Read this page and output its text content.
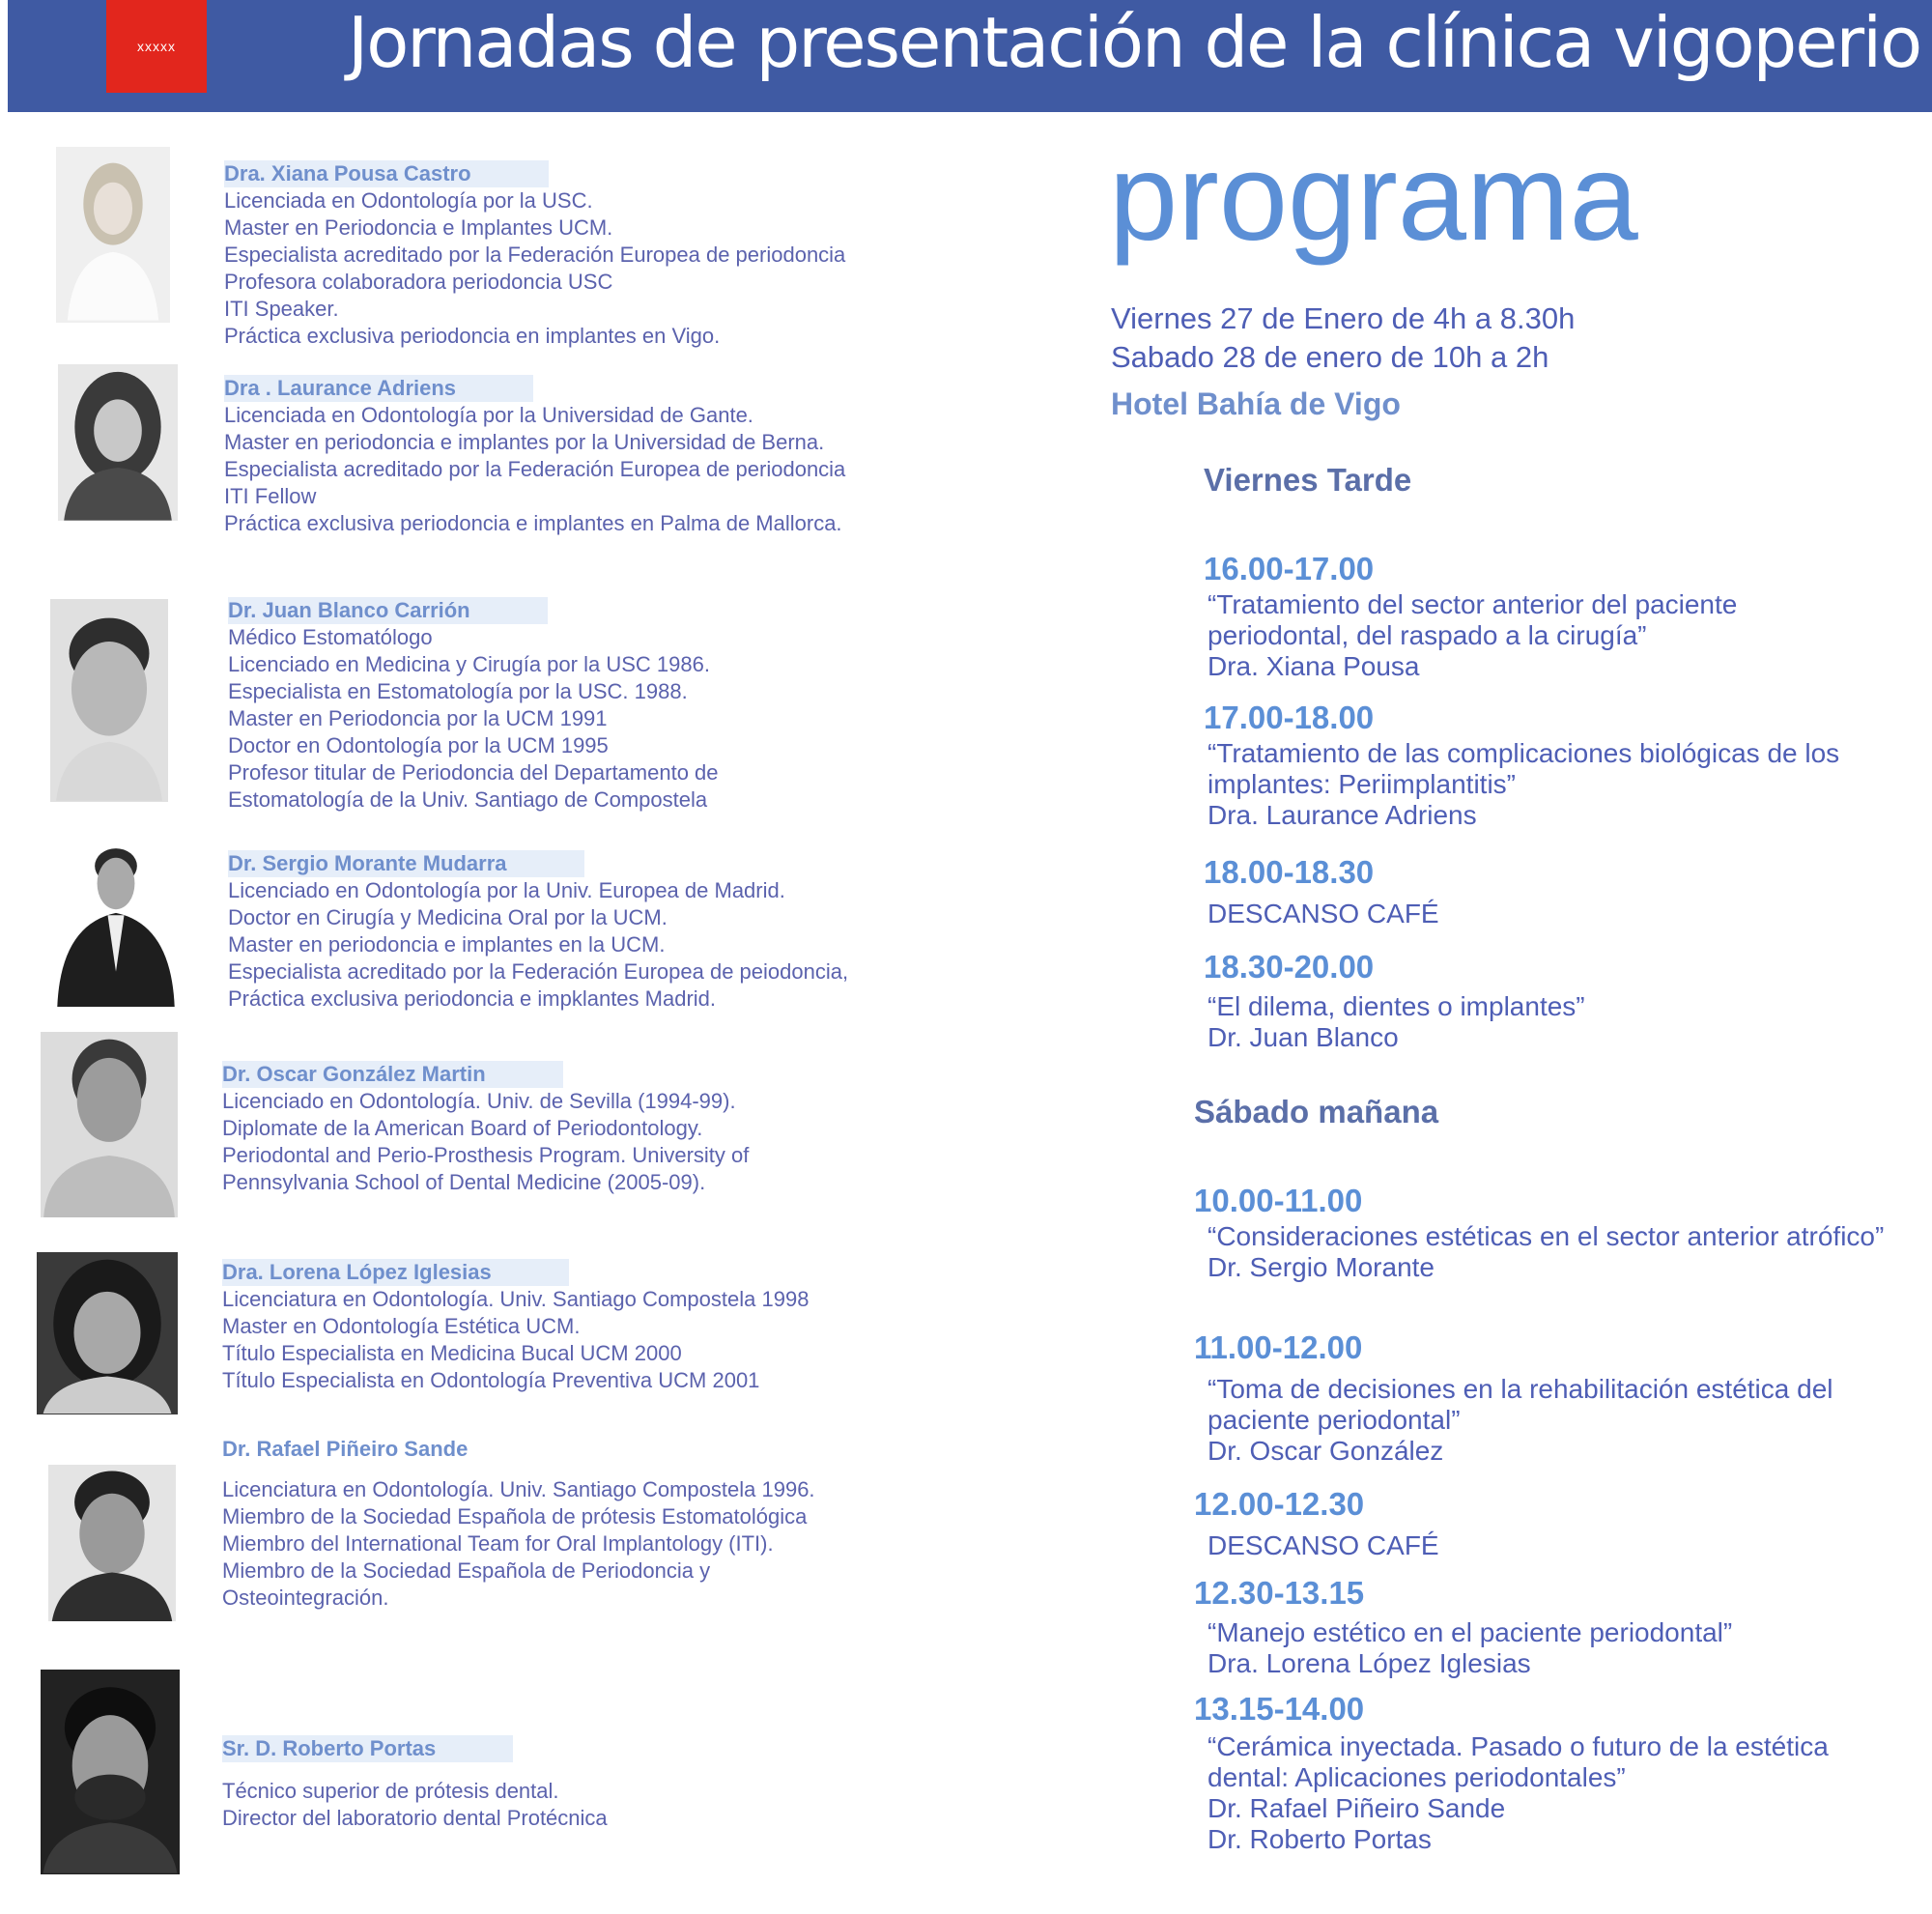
xxxxx	Jornadas de presentación de la clínica vigoperio
Dra. Xiana Pousa Castro
Licenciada en Odontología por la USC.
Master en Periodoncia e Implantes UCM.
Especialista acreditado por la Federación Europea de periodoncia
Profesora colaboradora periodoncia USC
ITI Speaker.
Práctica exclusiva periodoncia en implantes en Vigo.
Dra . Laurance Adriens
Licenciada en Odontología por la Universidad de Gante.
Master en periodoncia e implantes por la Universidad de Berna.
Especialista acreditado por la Federación Europea de periodoncia
ITI Fellow
Práctica exclusiva periodoncia e implantes en Palma de Mallorca.
Dr. Juan Blanco Carrión
Médico Estomatólogo
Licenciado en Medicina y Cirugía por la USC 1986.
Especialista en Estomatología por la USC. 1988.
Master en Periodoncia por la UCM 1991
Doctor en Odontología por la UCM 1995
Profesor titular de Periodoncia del Departamento de
Estomatología de la Univ. Santiago de Compostela
Dr. Sergio Morante Mudarra
Licenciado en Odontología por la Univ. Europea de Madrid.
Doctor en Cirugía y Medicina Oral por la UCM.
Master en periodoncia e implantes en la UCM.
Especialista acreditado por la Federación Europea de peiodoncia,
Práctica exclusiva periodoncia e impklantes Madrid.
Dr. Oscar González Martin
Licenciado en Odontología. Univ. de Sevilla (1994-99).
Diplomate de la American Board of Periodontology.
Periodontal and Perio-Prosthesis Program. University of
Pennsylvania School of Dental Medicine (2005-09).
Dra. Lorena López Iglesias
Licenciatura en Odontología. Univ. Santiago Compostela 1998
Master en Odontología Estética UCM.
Título Especialista en Medicina Bucal UCM 2000
Título Especialista en Odontología Preventiva UCM 2001
Dr. Rafael Piñeiro Sande
Licenciatura en Odontología. Univ. Santiago Compostela 1996.
Miembro de la Sociedad Española de prótesis Estomatológica
Miembro del International Team for Oral Implantology (ITI).
Miembro de la Sociedad Española de Periodoncia y
Osteointegración.
Sr. D. Roberto Portas
Técnico superior de prótesis dental.
Director del laboratorio dental Protécnica
programa
Viernes 27 de Enero de 4h a 8.30h
Sabado 28 de enero de 10h a 2h
Hotel Bahía de Vigo
Viernes Tarde
16.00-17.00
“Tratamiento del sector anterior del paciente
periodontal, del raspado a la cirugía”
Dra. Xiana Pousa
17.00-18.00
“Tratamiento de las complicaciones biológicas de los
implantes: Periimplantitis”
Dra. Laurance Adriens
18.00-18.30
DESCANSO CAFÉ
18.30-20.00
“El dilema, dientes o implantes”
Dr. Juan Blanco
Sábado mañana
10.00-11.00
“Consideraciones estéticas en el sector anterior atrófico”
Dr. Sergio Morante
11.00-12.00
“Toma de decisiones en la rehabilitación estética del
paciente periodontal”
Dr. Oscar González
12.00-12.30
DESCANSO CAFÉ
12.30-13.15
“Manejo estético en el paciente periodontal”
Dra. Lorena López Iglesias
13.15-14.00
“Cerámica inyectada. Pasado o futuro de la estética
dental: Aplicaciones periodontales”
Dr. Rafael Piñeiro Sande
Dr. Roberto Portas
